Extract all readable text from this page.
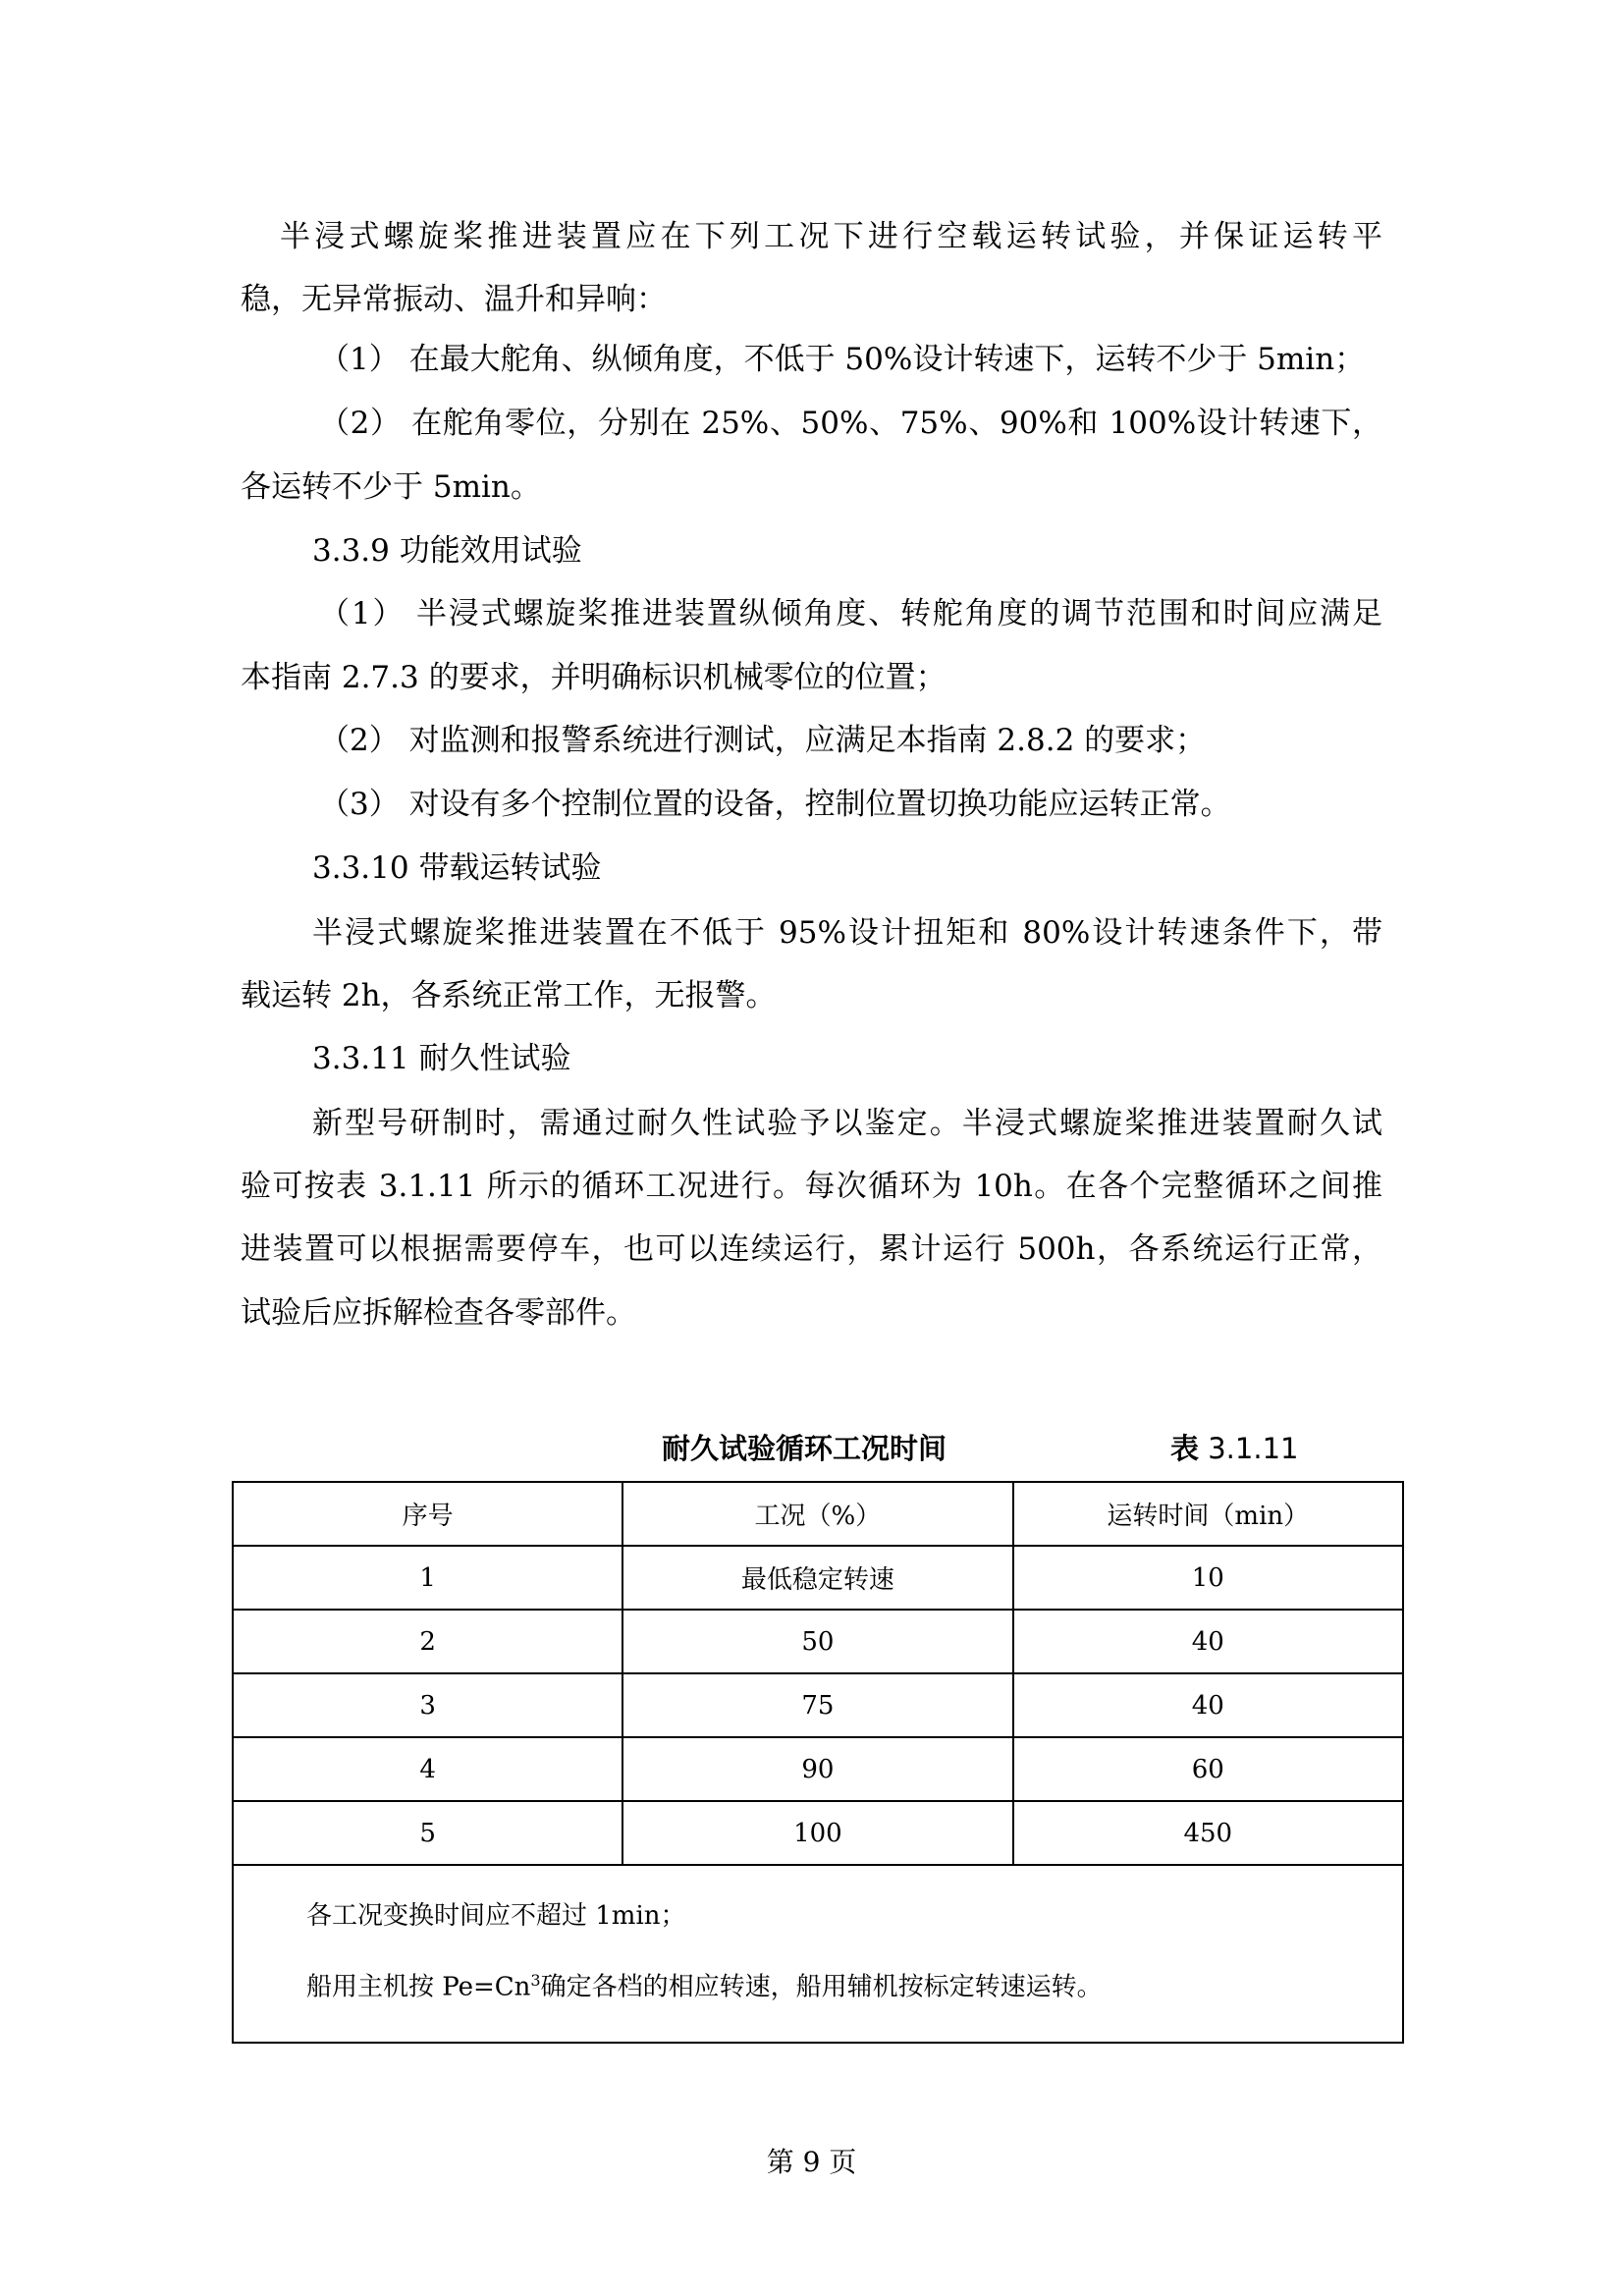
半浸式螺旋桨推进装置应在下列工况下进行空载运转试验，并保证运转平
稳，无异常振动、温升和异响：
（1） 在最大舵角、纵倾角度，不低于 50%设计转速下，运转不少于 5min；
（2） 在舵角零位，分别在 25%、50%、75%、90%和 100%设计转速下，
各运转不少于 5min。
3.3.9 功能效用试验
（1） 半浸式螺旋桨推进装置纵倾角度、转舵角度的调节范围和时间应满足
本指南 2.7.3 的要求，并明确标识机械零位的位置；
（2） 对监测和报警系统进行测试，应满足本指南 2.8.2 的要求；
（3） 对设有多个控制位置的设备，控制位置切换功能应运转正常。
3.3.10 带载运转试验
半浸式螺旋桨推进装置在不低于 95%设计扭矩和 80%设计转速条件下，带
载运转 2h，各系统正常工作，无报警。
3.3.11 耐久性试验
新型号研制时，需通过耐久性试验予以鉴定。半浸式螺旋桨推进装置耐久试
验可按表 3.1.11 所示的循环工况进行。每次循环为 10h。在各个完整循环之间推
进装置可以根据需要停车，也可以连续运行，累计运行 500h，各系统运行正常，
试验后应拆解检查各零部件。
耐久试验循环工况时间	表 3.1.11
序号	工况（%）	运转时间（min）
1	最低稳定转速	10
2	50	40
3	75	40
4	90	60
5	100	450

各工况变换时间应不超过 1min；
船用主机按 $Pe=Cn^3$确定各档的相应转速，船用辅机按标定转速运转。		
第 9 页
